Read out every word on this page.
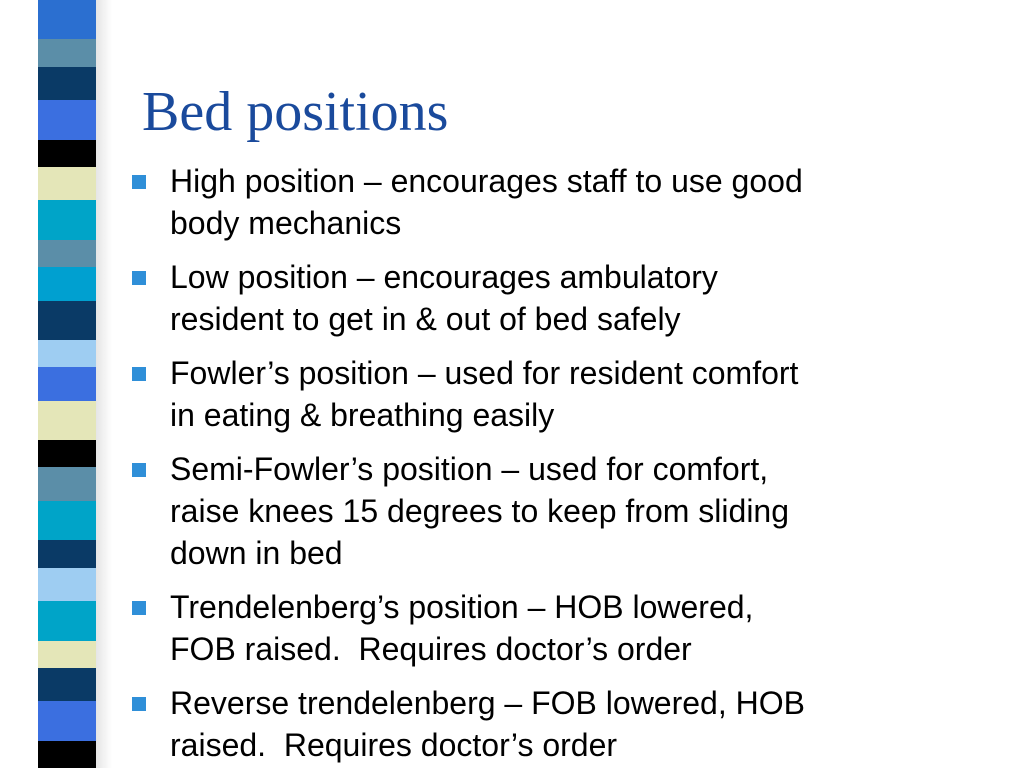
Bed positions
High position – encourages staff to use good
body mechanics
Low position – encourages ambulatory
resident to get in & out of bed safely
Fowler’s position – used for resident comfort
in eating & breathing easily
Semi-Fowler’s position – used for comfort,
raise knees 15 degrees to keep from sliding
down in bed
Trendelenberg’s position – HOB lowered,
FOB raised.  Requires doctor’s order
Reverse trendelenberg – FOB lowered, HOB
raised.  Requires doctor’s order
